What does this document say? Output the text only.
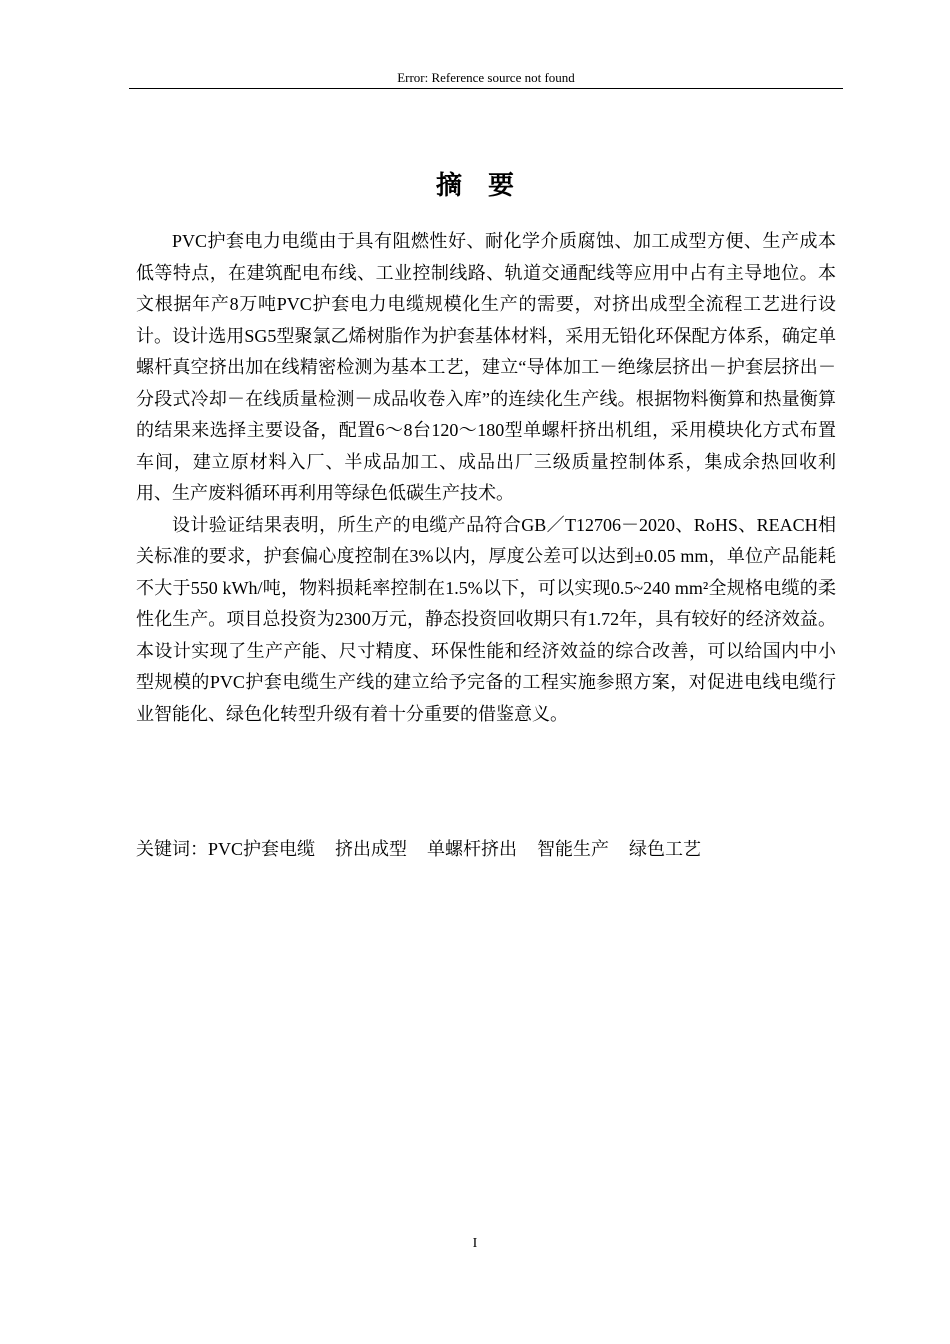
Error: Reference source not found
摘　要

PVC护套电力电缆由于具有阻燃性好、耐化学介质腐蚀、加工成型方便、生产成本低等特点，在建筑配电布线、工业控制线路、轨道交通配线等应用中占有主导地位。本文根据年产8万吨PVC护套电力电缆规模化生产的需要，对挤出成型全流程工艺进行设计。设计选用SG5型聚氯乙烯树脂作为护套基体材料，采用无铅化环保配方体系，确定单螺杆真空挤出加在线精密检测为基本工艺，建立“导体加工－绝缘层挤出－护套层挤出－分段式冷却－在线质量检测－成品收卷入库”的连续化生产线。根据物料衡算和热量衡算的结果来选择主要设备，配置6～8台120～180型单螺杆挤出机组，采用模块化方式布置车间，建立原材料入厂、半成品加工、成品出厂三级质量控制体系，集成余热回收利用、生产废料循环再利用等绿色低碳生产技术。

设计验证结果表明，所生产的电缆产品符合GB／T12706－2020、RoHS、REACH相关标准的要求，护套偏心度控制在3%以内，厚度公差可以达到±0.05 mm，单位产品能耗不大于550 kWh/吨，物料损耗率控制在1.5%以下，可以实现0.5~240 mm²全规格电缆的柔性化生产。项目总投资为2300万元，静态投资回收期只有1.72年，具有较好的经济效益。本设计实现了生产产能、尺寸精度、环保性能和经济效益的综合改善，可以给国内中小型规模的PVC护套电缆生产线的建立给予完备的工程实施参照方案，对促进电线电缆行业智能化、绿色化转型升级有着十分重要的借鉴意义。

关键词：PVC护套电缆 挤出成型 单螺杆挤出 智能生产 绿色工艺
I
